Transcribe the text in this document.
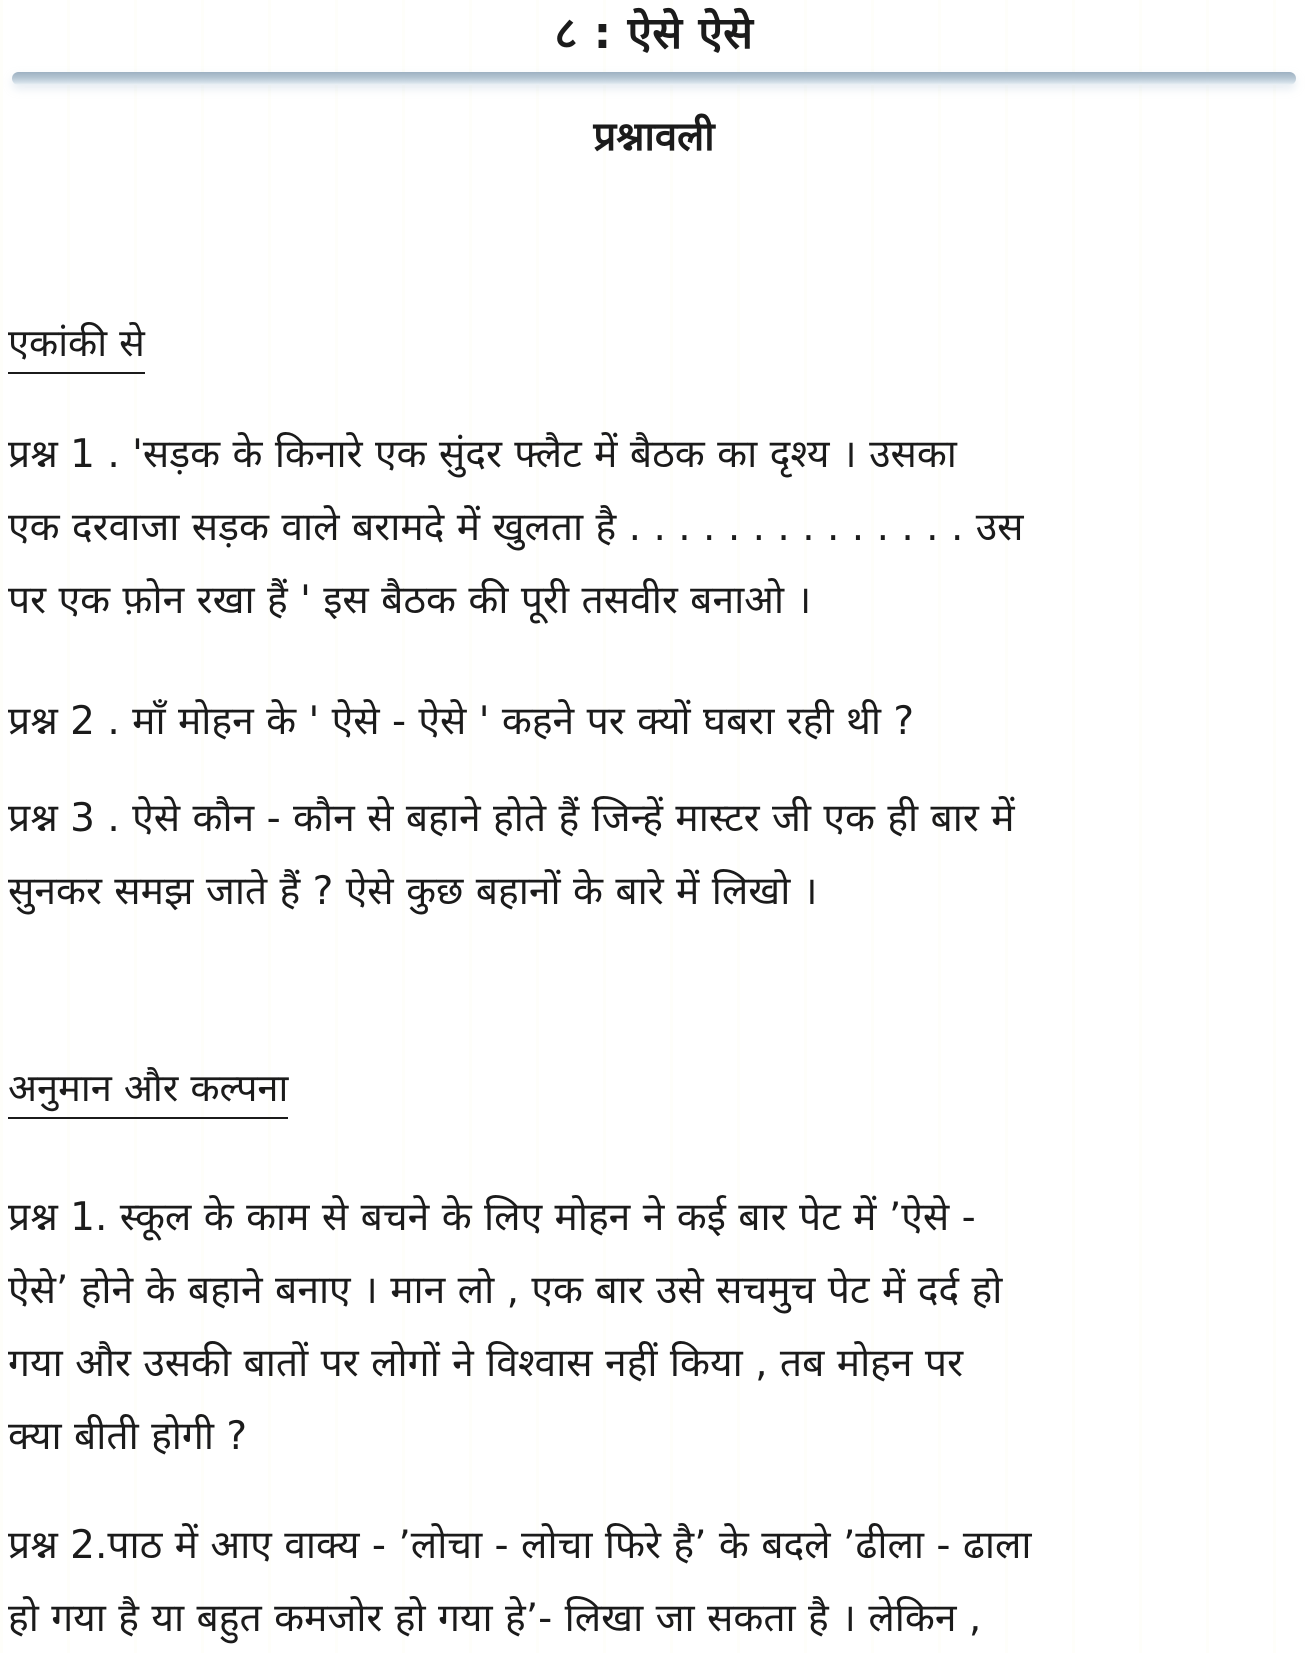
८ : ऐसे ऐसे
प्रश्नावली
एकांकी से
प्रश्न 1 . 'सड़क के किनारे एक सुंदर फ्लैट में बैठक का दृश्य । उसका
एक दरवाजा सड़क वाले बरामदे में खुलता है . . . . . . . . . . . . . . उस
पर एक फ़ोन रखा हैं ' इस बैठक की पूरी तसवीर बनाओ ।
प्रश्न 2 . माँ मोहन के ' ऐसे - ऐसे ' कहने पर क्यों घबरा रही थी ?
प्रश्न 3 . ऐसे कौन - कौन से बहाने होते हैं जिन्हें मास्टर जी एक ही बार में
सुनकर समझ जाते हैं ? ऐसे कुछ बहानों के बारे में लिखो ।
अनुमान और कल्पना
प्रश्न 1. स्कूल के काम से बचने के लिए मोहन ने कई बार पेट में ’ऐसे -
ऐसे’ होने के बहाने बनाए । मान लो , एक बार उसे सचमुच पेट में दर्द हो
गया और उसकी बातों पर लोगों ने विश्वास नहीं किया , तब मोहन पर
क्या बीती होगी ?
प्रश्न 2.पाठ में आए वाक्य - ’लोचा - लोचा फिरे है’ के बदले ’ढीला - ढाला
हो गया है या बहुत कमजोर हो गया हे’- लिखा जा सकता है । लेकिन ,
